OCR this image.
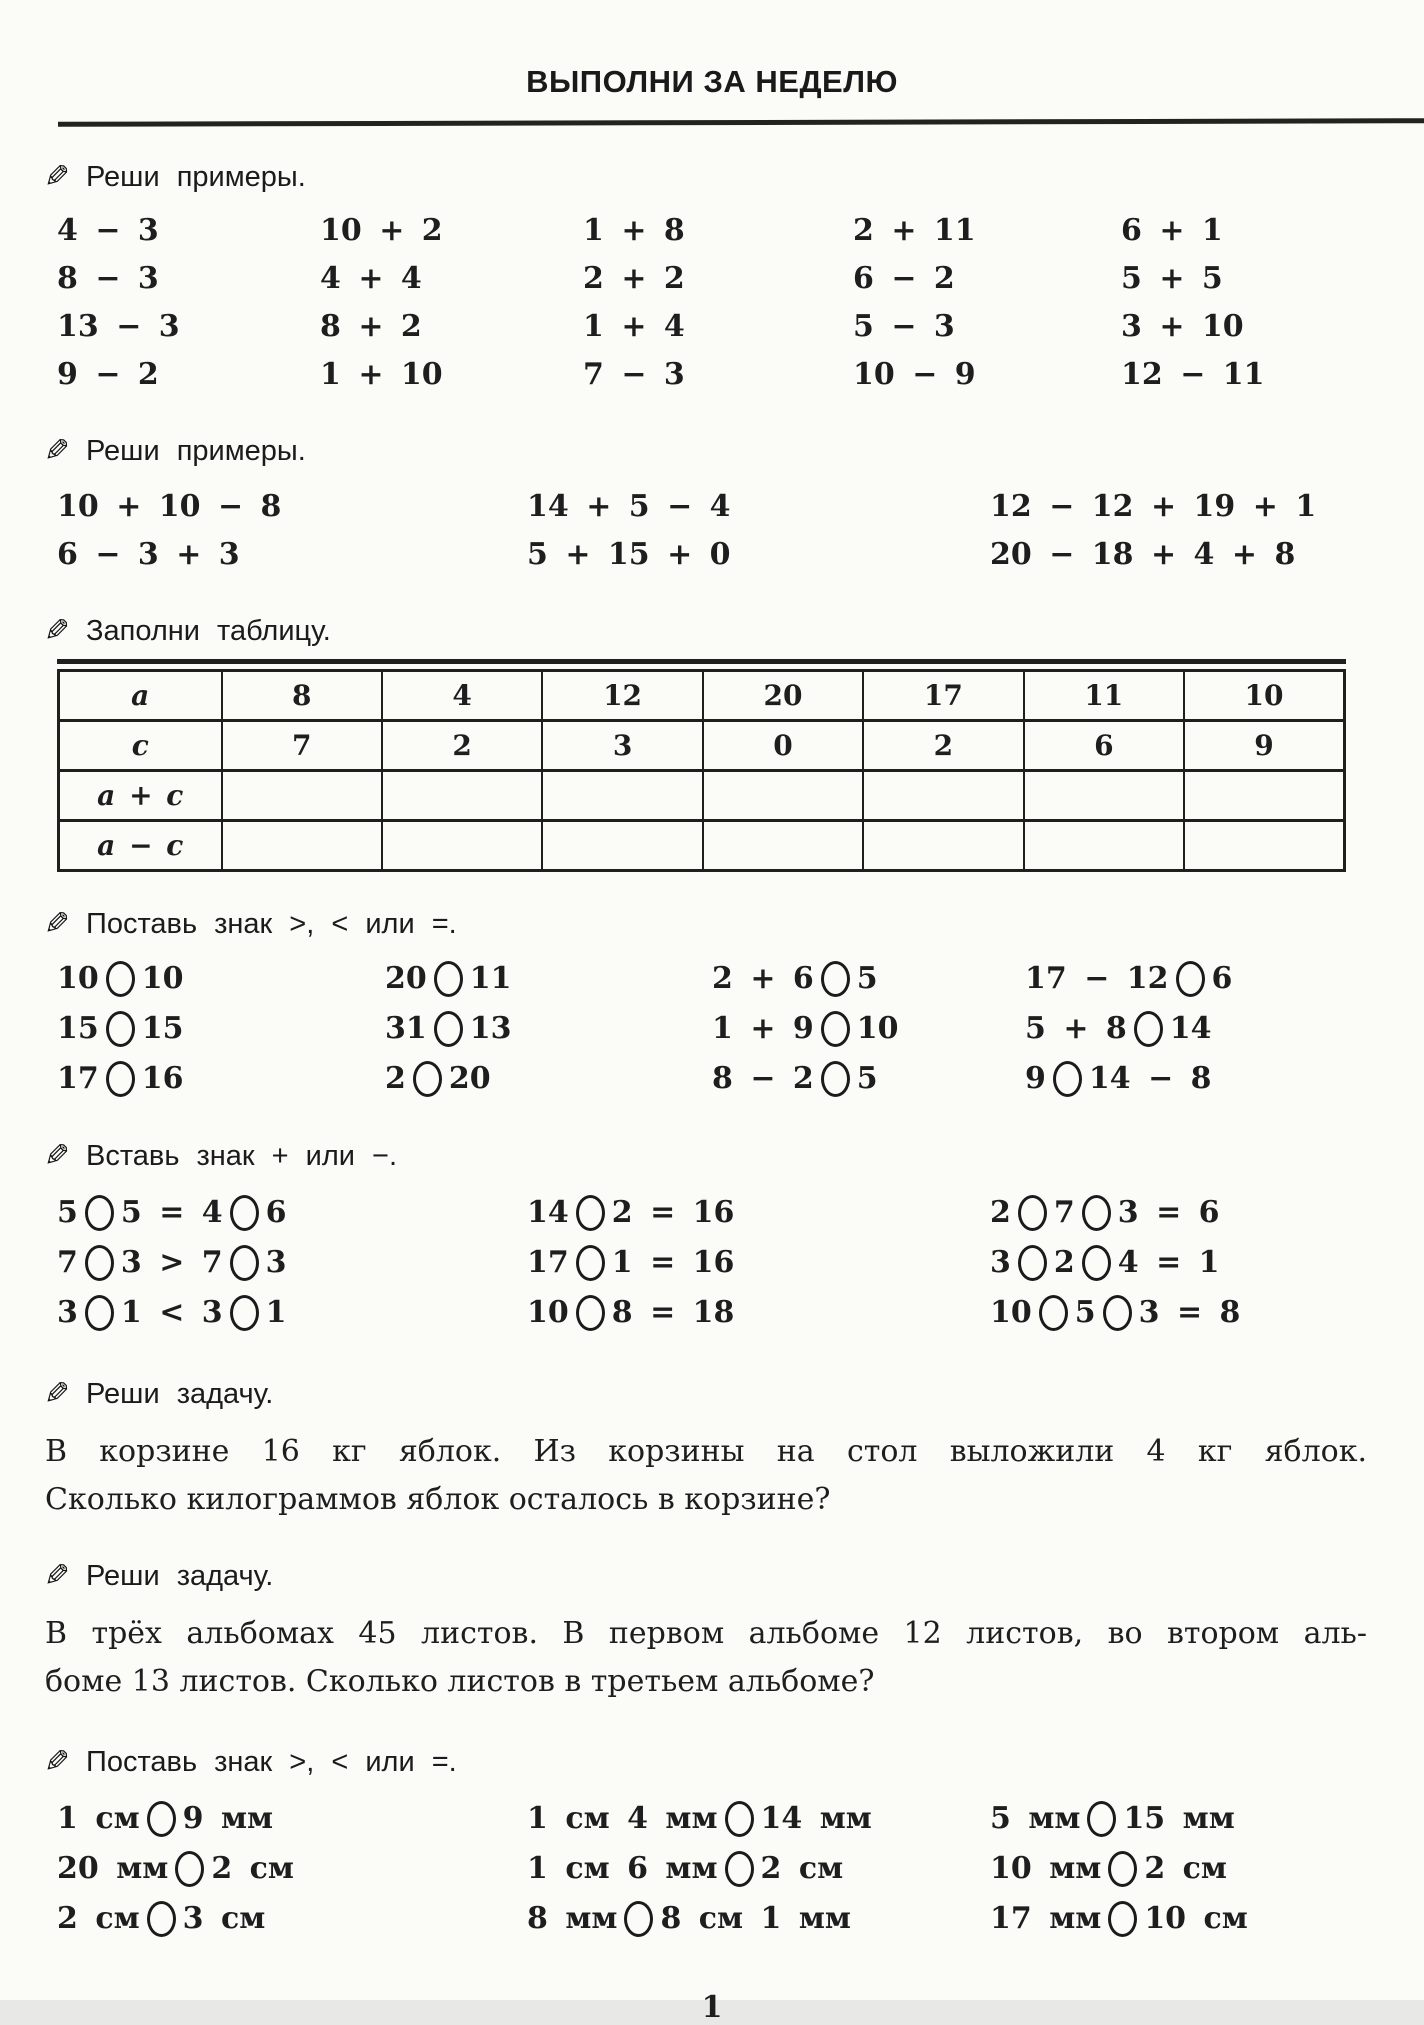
ВЫПОЛНИ ЗА НЕДЕЛЮ
✎ Реши примеры.
4 − 3	10 + 2	1 + 8	2 + 11	6 + 1
8 − 3	4 + 4	2 + 2	6 − 2	5 + 5
13 − 3	8 + 2	1 + 4	5 − 3	3 + 10
9 − 2	1 + 10	7 − 3	10 − 9	12 − 11
✎ Реши примеры.
10 + 10 − 8	14 + 5 − 4	12 − 12 + 19 + 1
6 − 3 + 3	5 + 15 + 0	20 − 18 + 4 + 8
✎ Заполни таблицу.
a	8	4	12	20	17	11	10
c	7	2	3	0	2	6	9
a + c							
a − c							
✎ Поставь знак >, < или =.
10 10	20 11	2 + 6 5	17 − 12 6
15 15	31 13	1 + 9 10	5 + 8 14
17 16	2 20	8 − 2 5	9 14 − 8
✎ Вставь знак + или −.
5 5 = 4 6	14 2 = 16	2 7 3 = 6
7 3 > 7 3	17 1 = 16	3 2 4 = 1
3 1 < 3 1	10 8 = 18	10 5 3 = 8
✎ Реши задачу.
В корзине 16 кг яблок. Из корзины на стол выложили 4 кг яблок.
Сколько килограммов яблок осталось в корзине?
✎ Реши задачу.
В трёх альбомах 45 листов. В первом альбоме 12 листов, во втором аль-
боме 13 листов. Сколько листов в третьем альбоме?
✎ Поставь знак >, < или =.
1 см 9 мм	1 см 4 мм 14 мм	5 мм 15 мм
20 мм 2 см	1 см 6 мм 2 см	10 мм 2 см
2 см 3 см	8 мм 8 см 1 мм	17 мм 10 см
1
